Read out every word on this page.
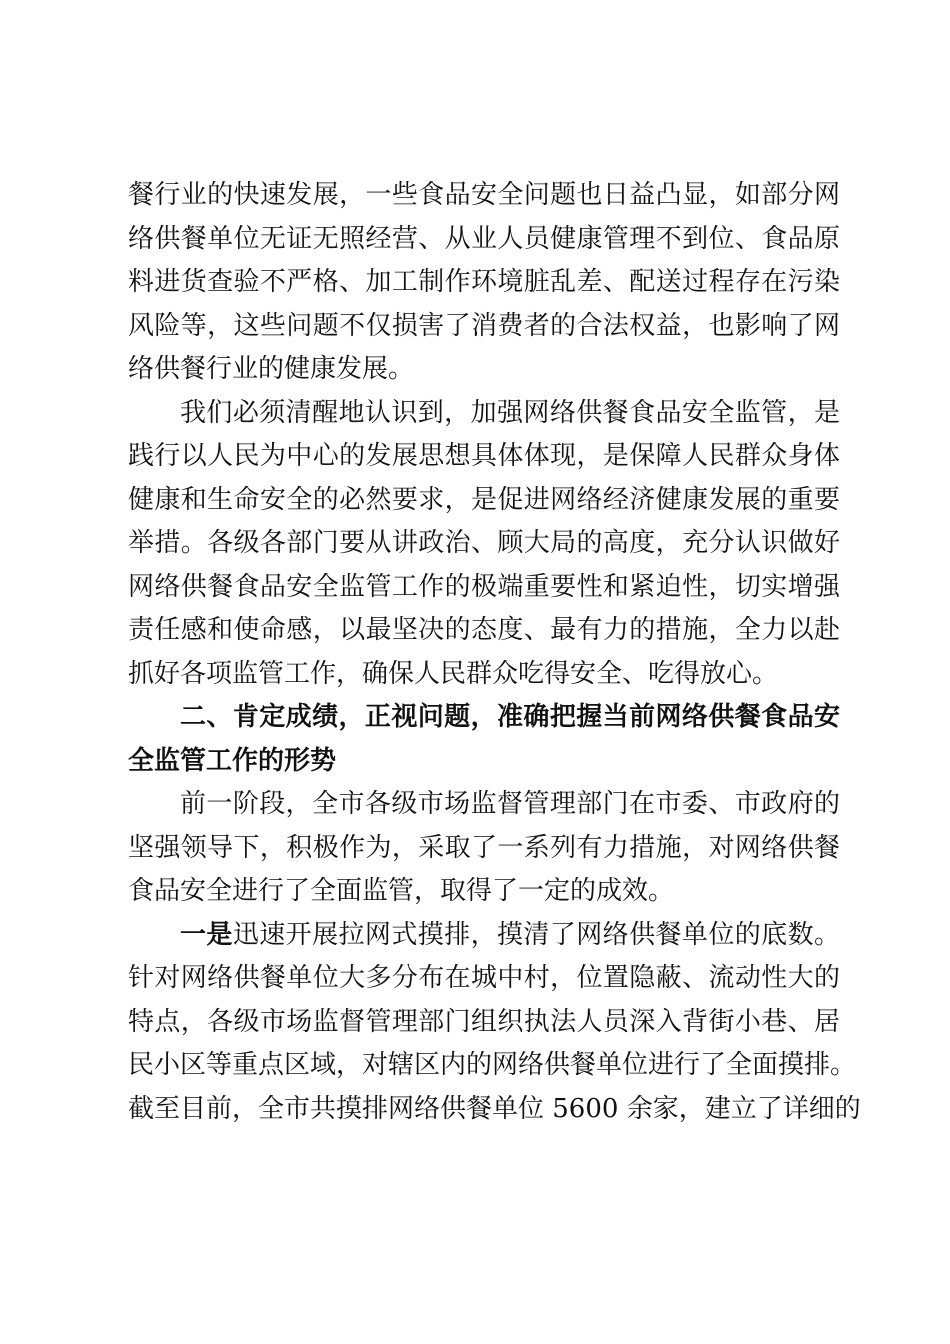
餐行业的快速发展，一些食品安全问题也日益凸显，如部分网
络供餐单位无证无照经营、从业人员健康管理不到位、食品原
料进货查验不严格、加工制作环境脏乱差、配送过程存在污染
风险等，这些问题不仅损害了消费者的合法权益，也影响了网
络供餐行业的健康发展。
我们必须清醒地认识到，加强网络供餐食品安全监管，是
践行以人民为中心的发展思想具体体现，是保障人民群众身体
健康和生命安全的必然要求，是促进网络经济健康发展的重要
举措。各级各部门要从讲政治、顾大局的高度，充分认识做好
网络供餐食品安全监管工作的极端重要性和紧迫性，切实增强
责任感和使命感，以最坚决的态度、最有力的措施，全力以赴
抓好各项监管工作，确保人民群众吃得安全、吃得放心。
二、肯定成绩，正视问题，准确把握当前网络供餐食品安
全监管工作的形势
前一阶段，全市各级市场监督管理部门在市委、市政府的
坚强领导下，积极作为，采取了一系列有力措施，对网络供餐
食品安全进行了全面监管，取得了一定的成效。
一是迅速开展拉网式摸排，摸清了网络供餐单位的底数。
针对网络供餐单位大多分布在城中村，位置隐蔽、流动性大的
特点，各级市场监督管理部门组织执法人员深入背街小巷、居
民小区等重点区域，对辖区内的网络供餐单位进行了全面摸排。
截至目前，全市共摸排网络供餐单位 5600 余家，建立了详细的
